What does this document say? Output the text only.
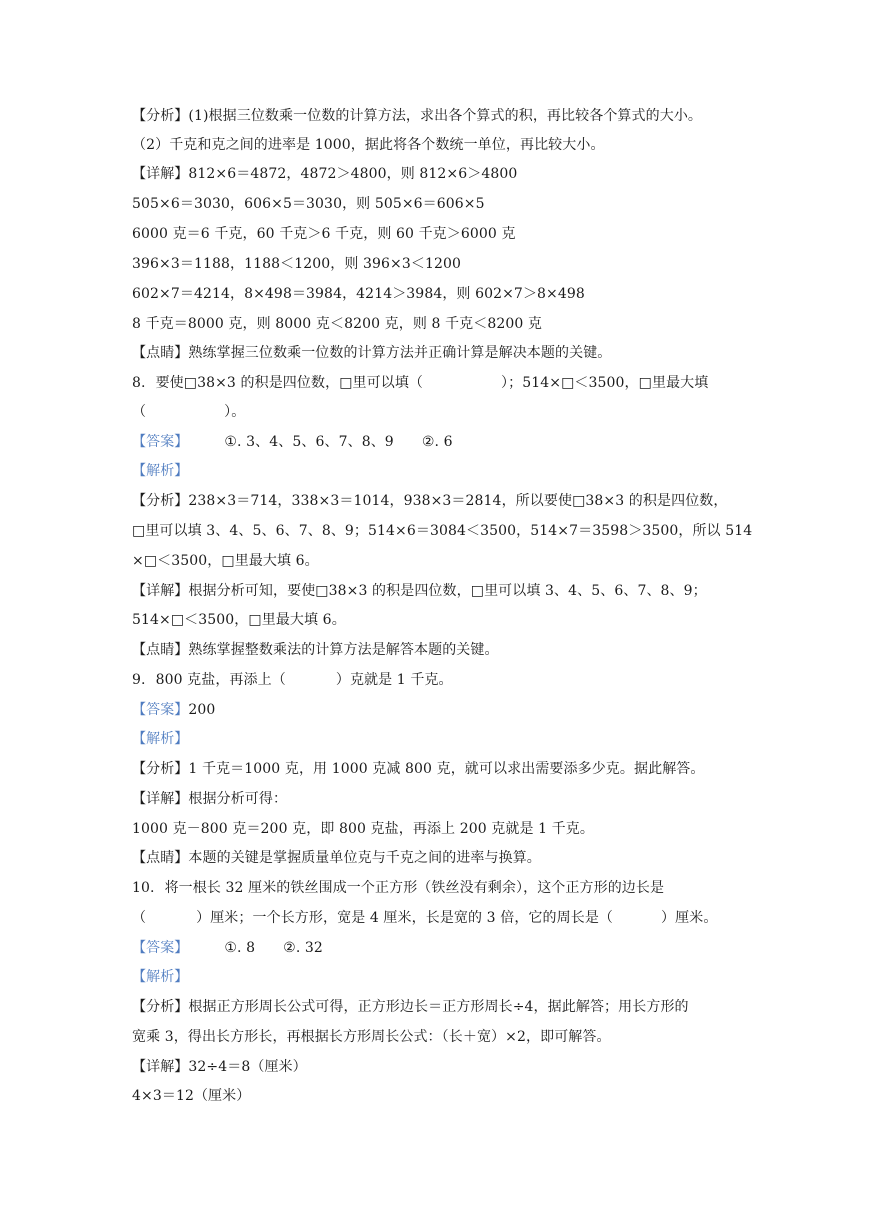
【分析】(1)根据三位数乘一位数的计算方法，求出各个算式的积，再比较各个算式的大小。
（2）千克和克之间的进率是 1000，据此将各个数统一单位，再比较大小。
【详解】812×6＝4872，4872＞4800，则 812×6＞4800
505×6＝3030，606×5＝3030，则 505×6＝606×5
6000 克＝6 千克，60 千克＞6 千克，则 60 千克＞6000 克
396×3＝1188，1188＜1200，则 396×3＜1200
602×7＝4214，8×498＝3984，4214＞3984，则 602×7＞8×498
8 千克＝8000 克，则 8000 克＜8200 克，则 8 千克＜8200 克
【点睛】熟练掌握三位数乘一位数的计算方法并正确计算是解决本题的关键。
8. 要使□38×3 的积是四位数，□里可以填（	）；514×□＜3500，□里最大填
（	）。
【答案】	①. 3、4、5、6、7、8、9 ②. 6
【解析】
【分析】238×3＝714，338×3＝1014，938×3＝2814，所以要使□38×3 的积是四位数，
□里可以填 3、4、5、6、7、8、9；514×6＝3084＜3500，514×7＝3598＞3500，所以 514
×□＜3500，□里最大填 6。
【详解】根据分析可知，要使□38×3 的积是四位数，□里可以填 3、4、5、6、7、8、9；
514×□＜3500，□里最大填 6。
【点睛】熟练掌握整数乘法的计算方法是解答本题的关键。
9. 800 克盐，再添上（	）克就是 1 千克。
【答案】200
【解析】
【分析】1 千克＝1000 克，用 1000 克减 800 克，就可以求出需要添多少克。据此解答。
【详解】根据分析可得：
1000 克－800 克＝200 克，即 800 克盐，再添上 200 克就是 1 千克。
【点睛】本题的关键是掌握质量单位克与千克之间的进率与换算。
10. 将一根长 32 厘米的铁丝围成一个正方形（铁丝没有剩余），这个正方形的边长是
（	）厘米；一个长方形，宽是 4 厘米，长是宽的 3 倍，它的周长是（	）厘米。
【答案】	①. 8 ②. 32
【解析】
【分析】根据正方形周长公式可得，正方形边长＝正方形周长÷4，据此解答；用长方形的
宽乘 3，得出长方形长，再根据长方形周长公式：（长＋宽）×2，即可解答。
【详解】32÷4＝8（厘米）
4×3＝12（厘米）
